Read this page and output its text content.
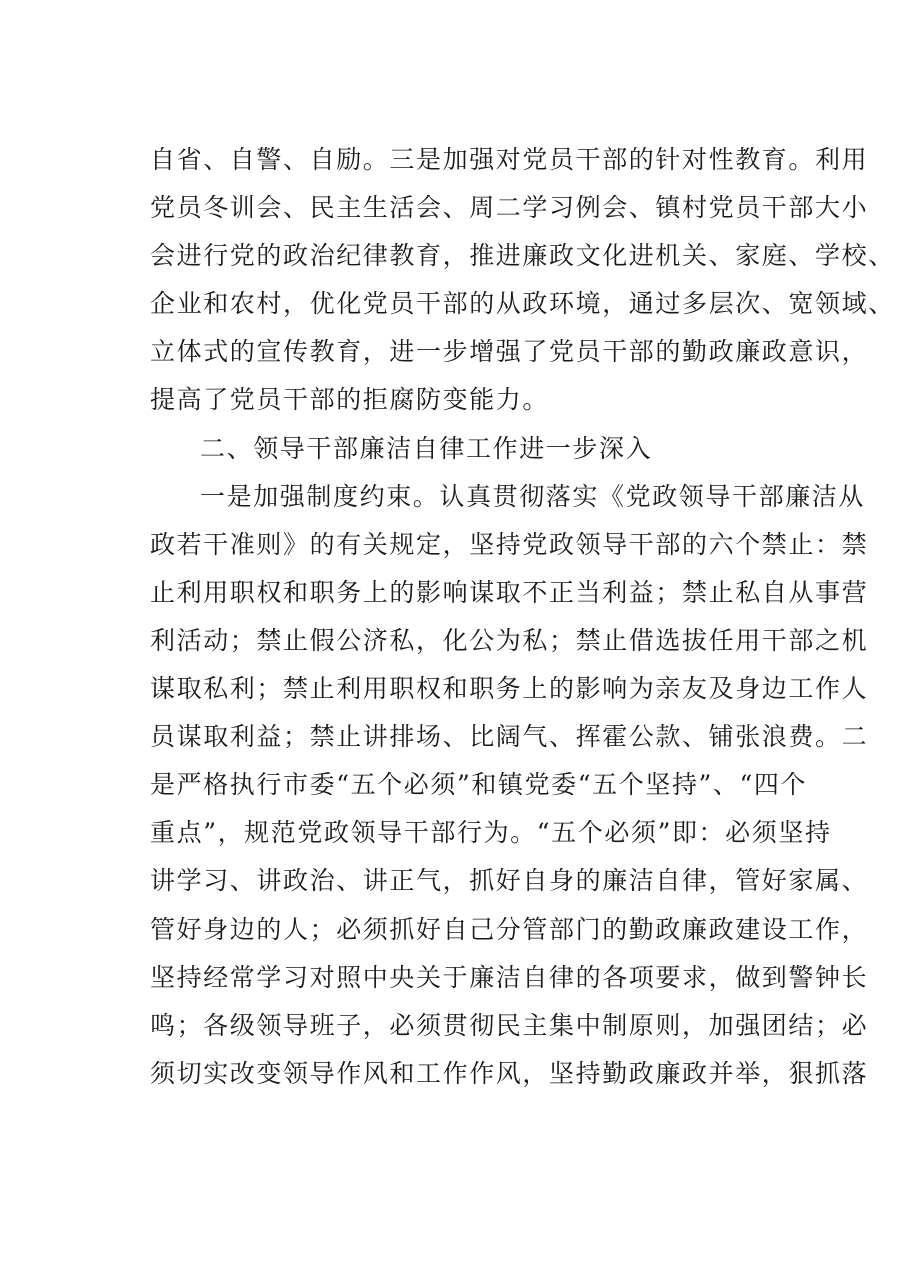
自省、自警、自励。三是加强对党员干部的针对性教育。利用
党员冬训会、民主生活会、周二学习例会、镇村党员干部大小
会进行党的政治纪律教育，推进廉政文化进机关、家庭、学校、
企业和农村，优化党员干部的从政环境，通过多层次、宽领域、
立体式的宣传教育，进一步增强了党员干部的勤政廉政意识，
提高了党员干部的拒腐防变能力。
二、领导干部廉洁自律工作进一步深入
一是加强制度约束。认真贯彻落实《党政领导干部廉洁从
政若干准则》的有关规定，坚持党政领导干部的六个禁止：禁
止利用职权和职务上的影响谋取不正当利益；禁止私自从事营
利活动；禁止假公济私，化公为私；禁止借选拔任用干部之机
谋取私利；禁止利用职权和职务上的影响为亲友及身边工作人
员谋取利益；禁止讲排场、比阔气、挥霍公款、铺张浪费。二
是严格执行市委“五个必须”和镇党委“五个坚持”、“四个
重点”，规范党政领导干部行为。“五个必须”即：必须坚持
讲学习、讲政治、讲正气，抓好自身的廉洁自律，管好家属、
管好身边的人；必须抓好自己分管部门的勤政廉政建设工作，
坚持经常学习对照中央关于廉洁自律的各项要求，做到警钟长
鸣；各级领导班子，必须贯彻民主集中制原则，加强团结；必
须切实改变领导作风和工作作风，坚持勤政廉政并举，狠抓落
